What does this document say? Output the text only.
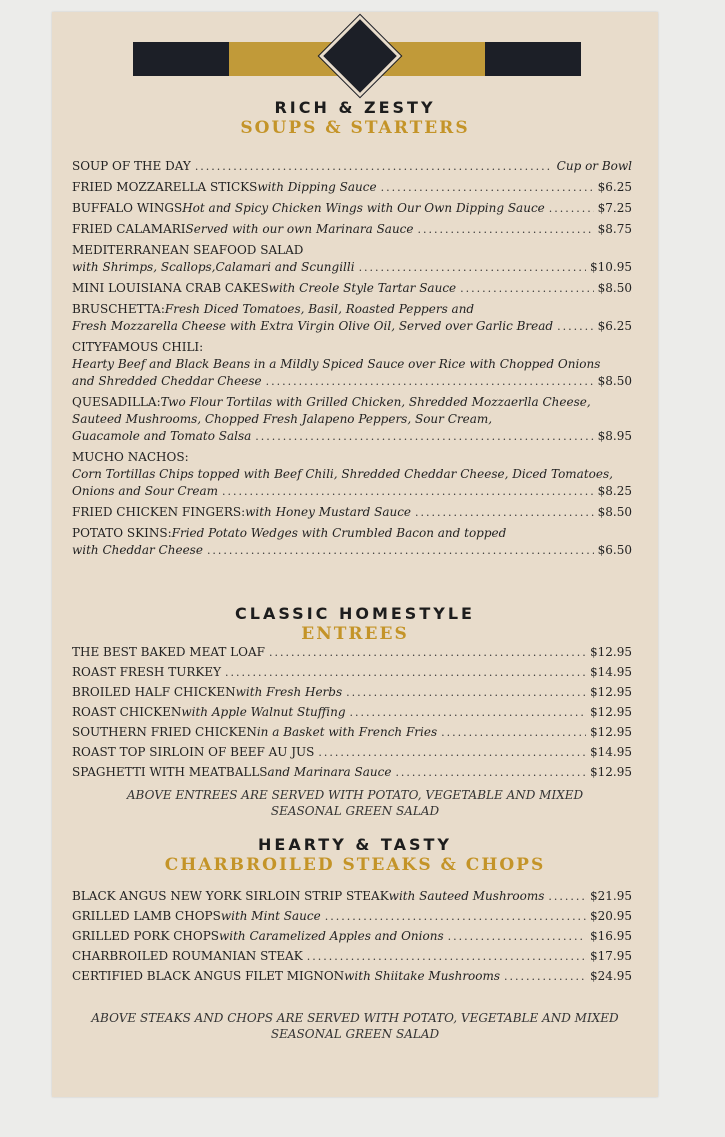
RICH & ZESTY
SOUPS & STARTERS
SOUP OF THE DAY .....	Cup or Bowl
FRIED MOZZARELLA STICKS with Dipping Sauce .....	$6.25
BUFFALO WINGS Hot and Spicy Chicken Wings with Our Own Dipping Sauce .....	$7.25
FRIED CALAMARI Served with our own Marinara Sauce .....	$8.75
MEDITERRANEAN SEAFOOD SALAD
with Shrimps, Scallops,Calamari and Scungilli .....	$10.95
MINI LOUISIANA CRAB CAKES with Creole Style Tartar Sauce .....	$8.50
BRUSCHETTA: Fresh Diced Tomatoes, Basil, Roasted Peppers and
Fresh Mozzarella Cheese with Extra Virgin Olive Oil, Served over Garlic Bread .....	$6.25
CITYFAMOUS CHILI:
Hearty Beef and Black Beans in a Mildly Spiced Sauce over Rice with Chopped Onions
and Shredded Cheddar Cheese .....	$8.50
QUESADILLA: Two Flour Tortilas with Grilled Chicken, Shredded Mozzaerlla Cheese,
Sauteed Mushrooms, Chopped Fresh Jalapeno Peppers, Sour Cream,
Guacamole and Tomato Salsa .....	$8.95
MUCHO NACHOS:
Corn Tortillas Chips topped with Beef Chili, Shredded Cheddar Cheese, Diced Tomatoes,
Onions and Sour Cream .....	$8.25
FRIED CHICKEN FINGERS: with Honey Mustard Sauce .....	$8.50
POTATO SKINS: Fried Potato Wedges with Crumbled Bacon and topped
with Cheddar Cheese .....	$6.50
CLASSIC HOMESTYLE
ENTREES
THE BEST BAKED MEAT LOAF .....	$12.95
ROAST FRESH TURKEY .....	$14.95
BROILED HALF CHICKEN with Fresh Herbs .....	$12.95
ROAST CHICKEN with Apple Walnut Stuffing .....	$12.95
SOUTHERN FRIED CHICKEN in a Basket with French Fries .....	$12.95
ROAST TOP SIRLOIN OF BEEF AU JUS .....	$14.95
SPAGHETTI WITH MEATBALLS and Marinara Sauce .....	$12.95
ABOVE ENTREES ARE SERVED WITH POTATO, VEGETABLE AND MIXED
SEASONAL GREEN SALAD
HEARTY & TASTY
CHARBROILED STEAKS & CHOPS
BLACK ANGUS NEW YORK SIRLOIN STRIP STEAK with Sauteed Mushrooms .....	$21.95
GRILLED LAMB CHOPS with Mint Sauce .....	$20.95
GRILLED PORK CHOPS with Caramelized Apples and Onions .....	$16.95
CHARBROILED ROUMANIAN STEAK .....	$17.95
CERTIFIED BLACK ANGUS FILET MIGNON with Shiitake Mushrooms .....	$24.95
ABOVE STEAKS AND CHOPS ARE SERVED WITH POTATO, VEGETABLE AND MIXED
SEASONAL GREEN SALAD
